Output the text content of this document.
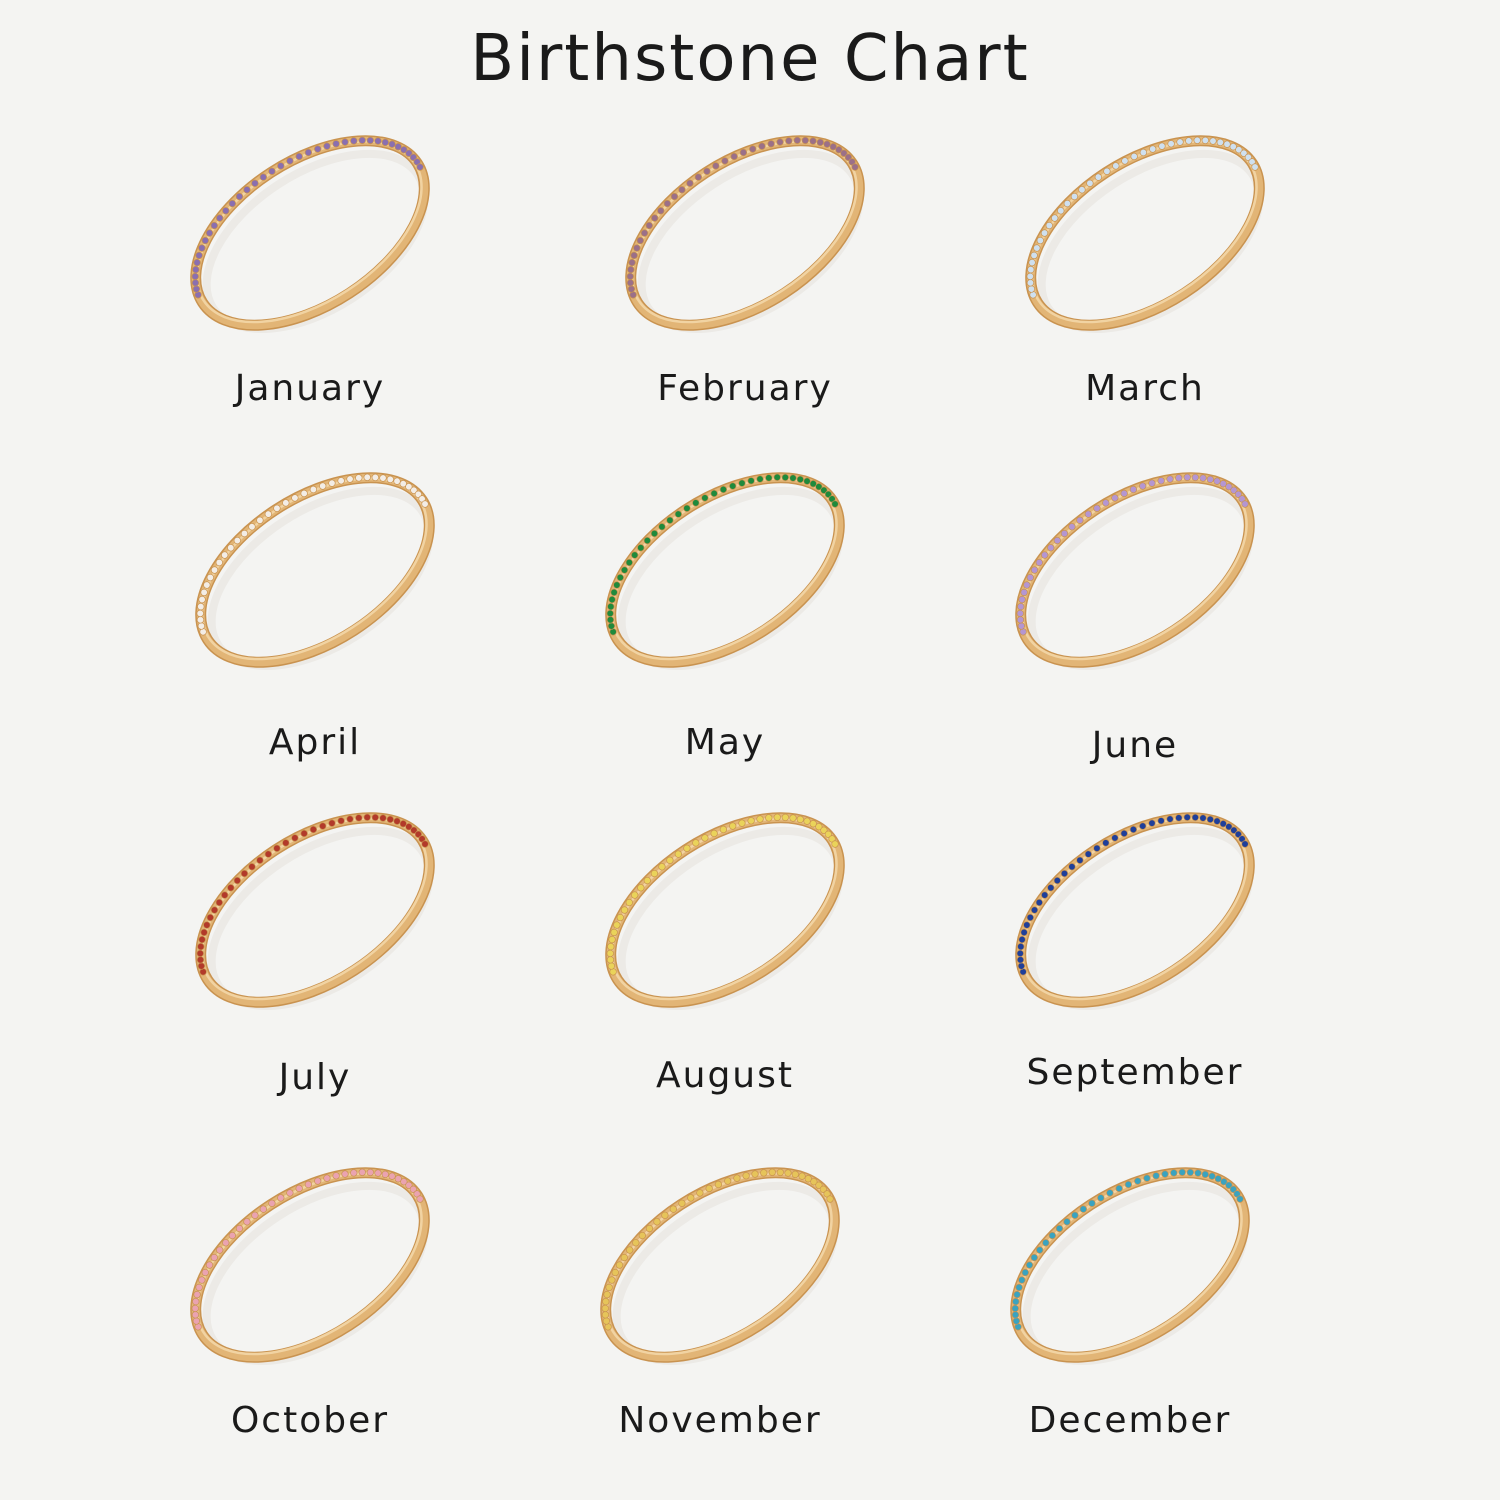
Birthstone Chart
January	February	March
April	May	June
July	August	September
October	November	December
